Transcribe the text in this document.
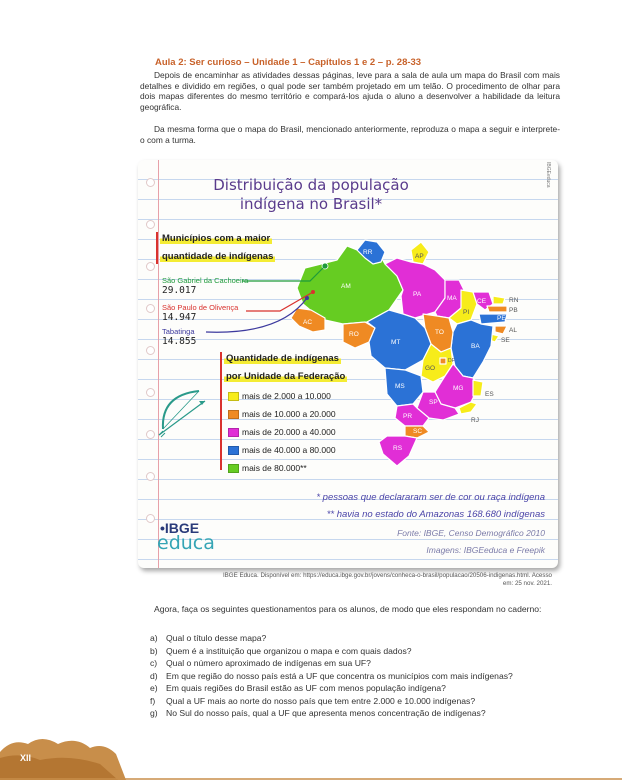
Aula 2: Ser curioso – Unidade 1 – Capítulos 1 e 2 – p. 28-33

Depois de encaminhar as atividades dessas páginas, leve para a sala de aula um mapa do Brasil com mais detalhes e dividido em regiões, o qual pode ser também projetado em um telão. O procedimento de olhar para dois mapas diferentes do mesmo território e compará-los ajuda o aluno a desenvolver a habilidade da leitura geográfica.

Da mesma forma que o mapa do Brasil, mencionado anteriormente, reproduza o mapa a seguir e interprete-o com a turma.

IBGEeduca
Distribuição da população
indígena no Brasil*
AM
RR
AP
PA
MA	CE	RN
PB
PE
AL
SE
PI
AC
RO	TO
BA
MT
GO
DF
MG
ES
MS
SP
RJ
PR
SC
RS
Municípios com a maior
quantidade de indígenas
São Gabriel da Cachoeira
29.017
São Paulo de Olivença
14.947
Tabatinga
14.855
Quantidade de indígenas
por Unidade da Federação
mais de 2.000 a 10.000
mais de 10.000 a 20.000
mais de 20.000 a 40.000
mais de 40.000 a 80.000
mais de 80.000**
* pessoas que declararam ser de cor ou raça indígena
** havia no estado do Amazonas 168.680 indígenas
Fonte: IBGE, Censo Demográfico 2010
Imagens: IBGEeduca e Freepik
•IBGE
educa
IBGE Educa. Disponível em: https://educa.ibge.gov.br/jovens/conheca-o-brasil/populacao/20506-indigenas.html. Acesso
em: 25 nov. 2021.

Agora, faça os seguintes questionamentos para os alunos, de modo que eles respondam no caderno:

a) Qual o título desse mapa?
b) Quem é a instituição que organizou o mapa e com quais dados?
c) Qual o número aproximado de indígenas em sua UF?
d) Em que região do nosso país está a UF que concentra os municípios com mais indígenas?
e) Em quais regiões do Brasil estão as UF com menos população indígena?
f) Qual a UF mais ao norte do nosso país que tem entre 2.000 e 10.000 indígenas?
g) No Sul do nosso país, qual a UF que apresenta menos concentração de indígenas?
XII
